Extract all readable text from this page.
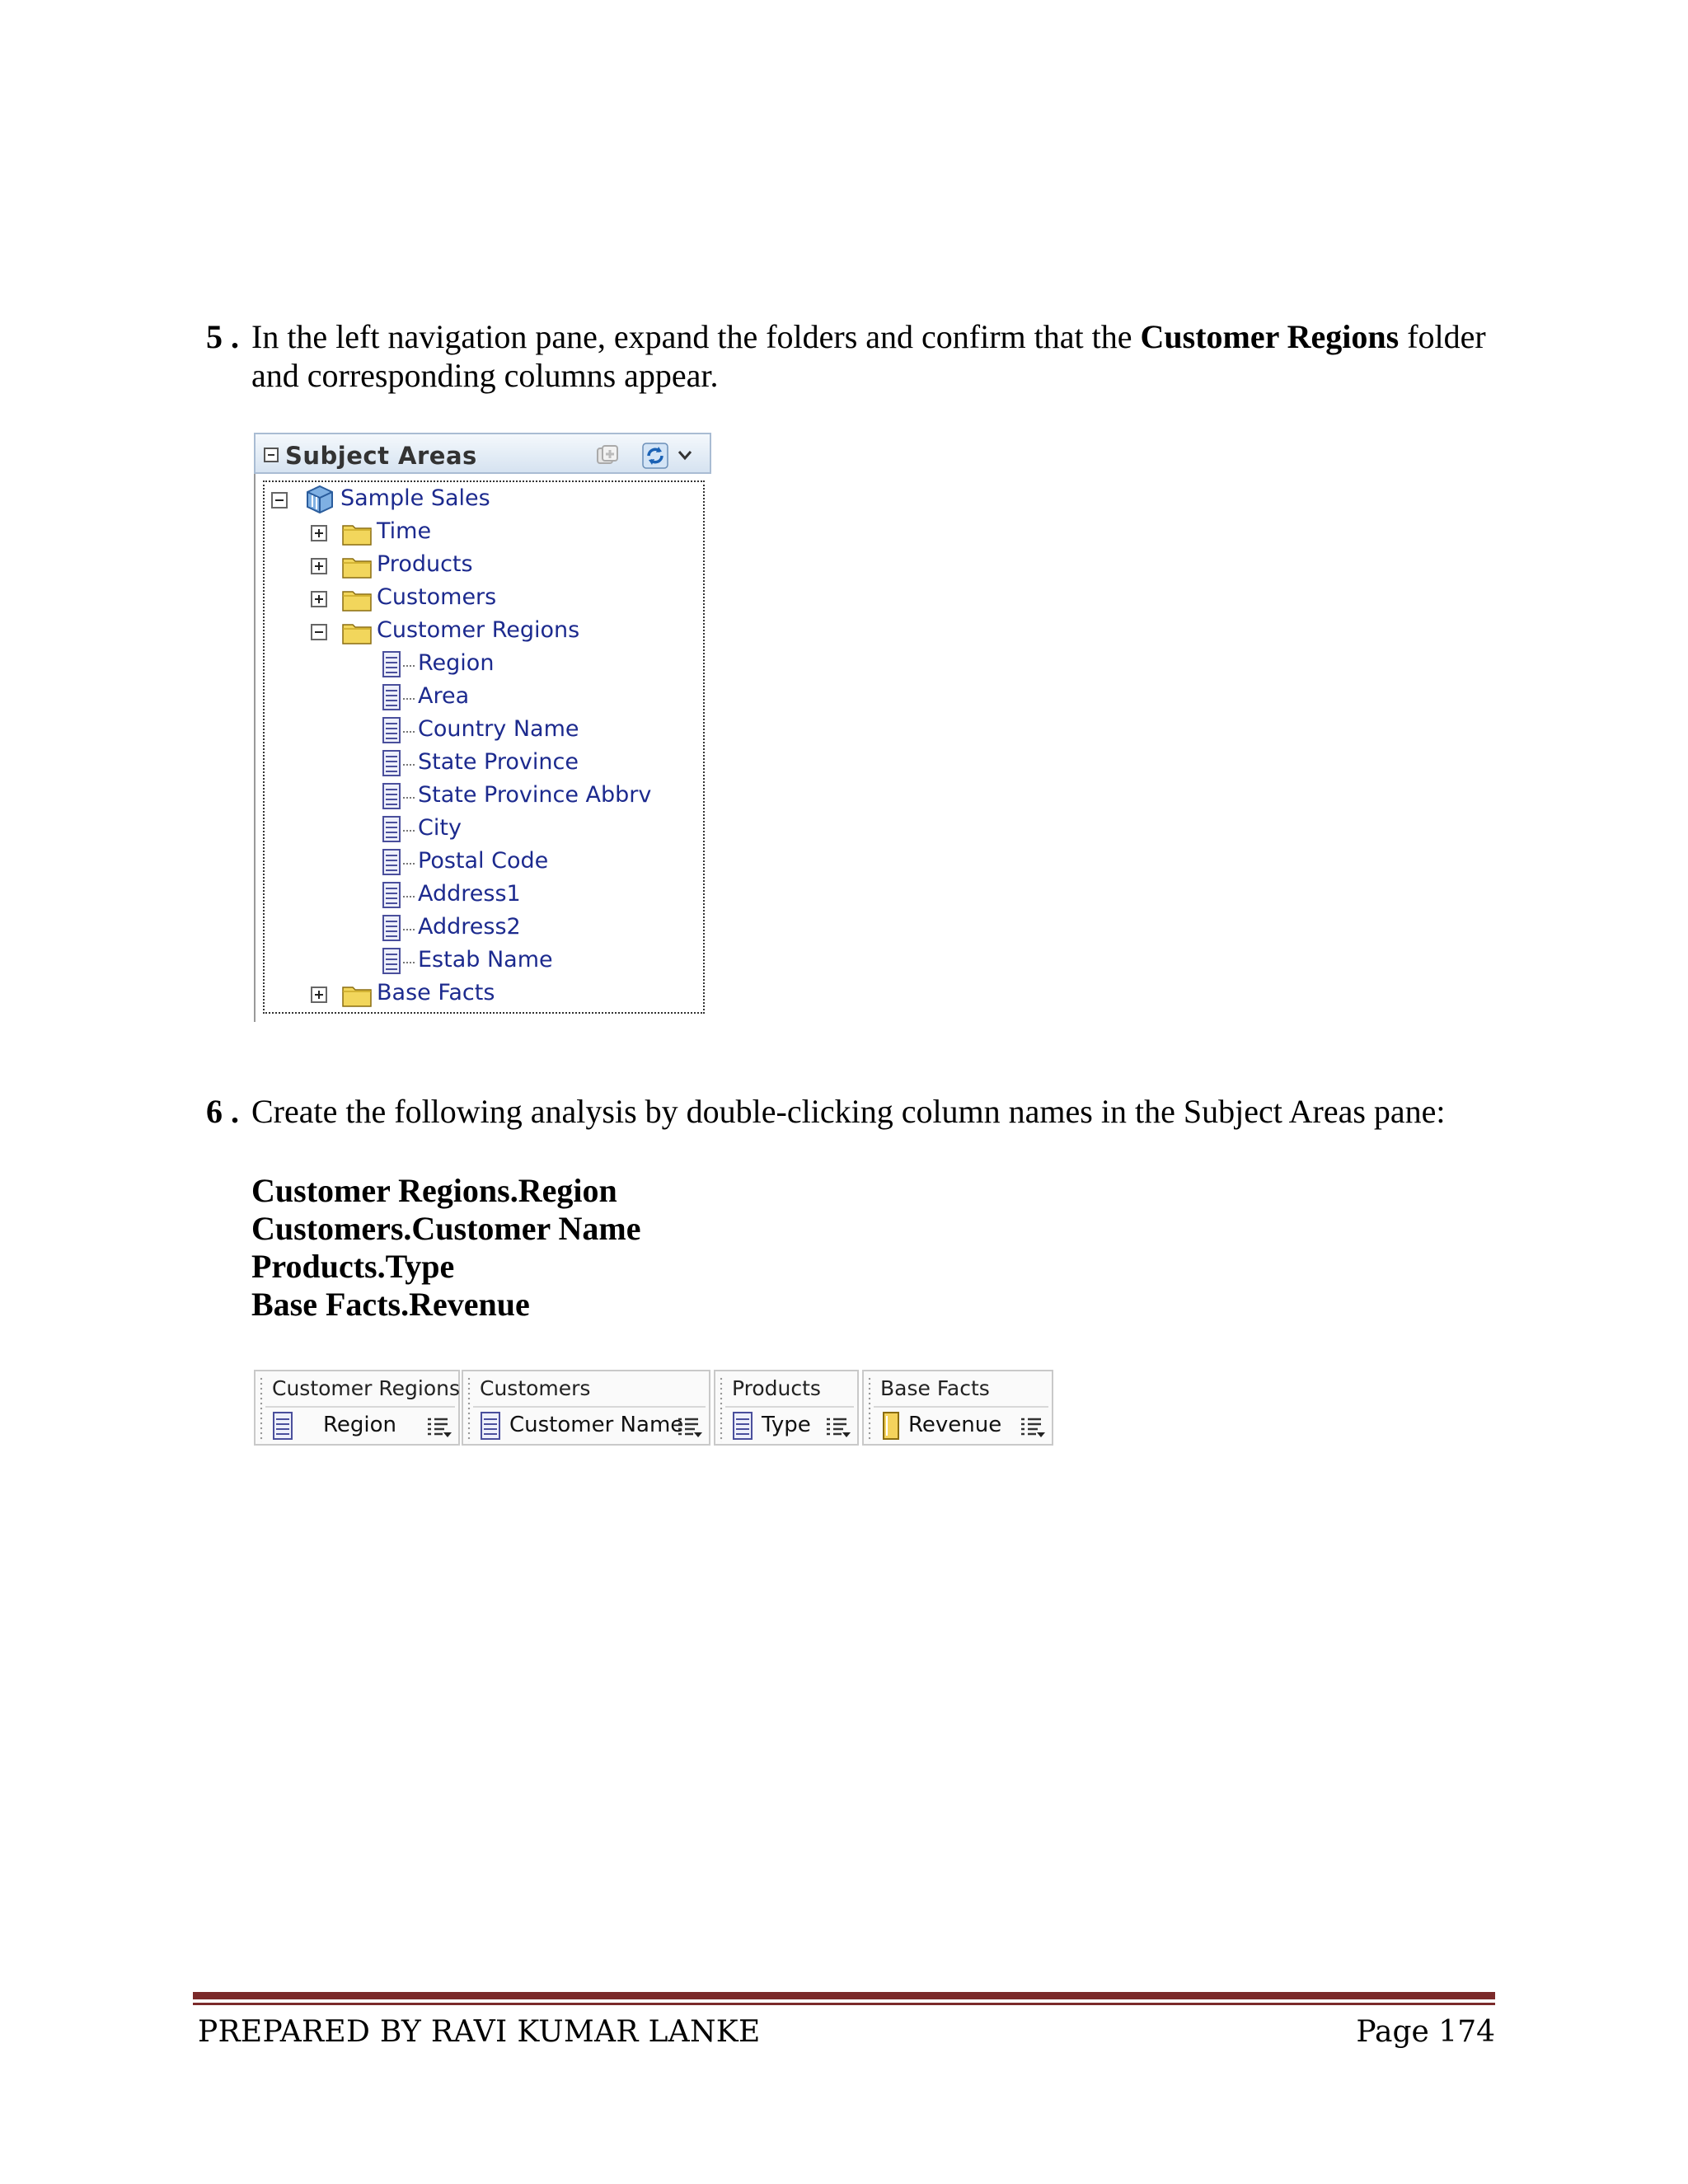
5 . In the left navigation pane, expand the folders and confirm that the Customer Regions folder and corresponding columns appear.
Subject Areas
Sample Sales
Time
Products
Customers
Customer Regions
Region
Area
Country Name
State Province
State Province Abbrv
City
Postal Code
Address1
Address2
Estab Name
Base Facts
6 . Create the following analysis by double-clicking column names in the Subject Areas pane:
Customer Regions.Region
Customers.Customer Name
Products.Type
Base Facts.Revenue
Customer Regions
Region
Customers
Customer Name
Products
Type
Base Facts
Revenue
PREPARED BY RAVI KUMAR LANKE	Page 174
